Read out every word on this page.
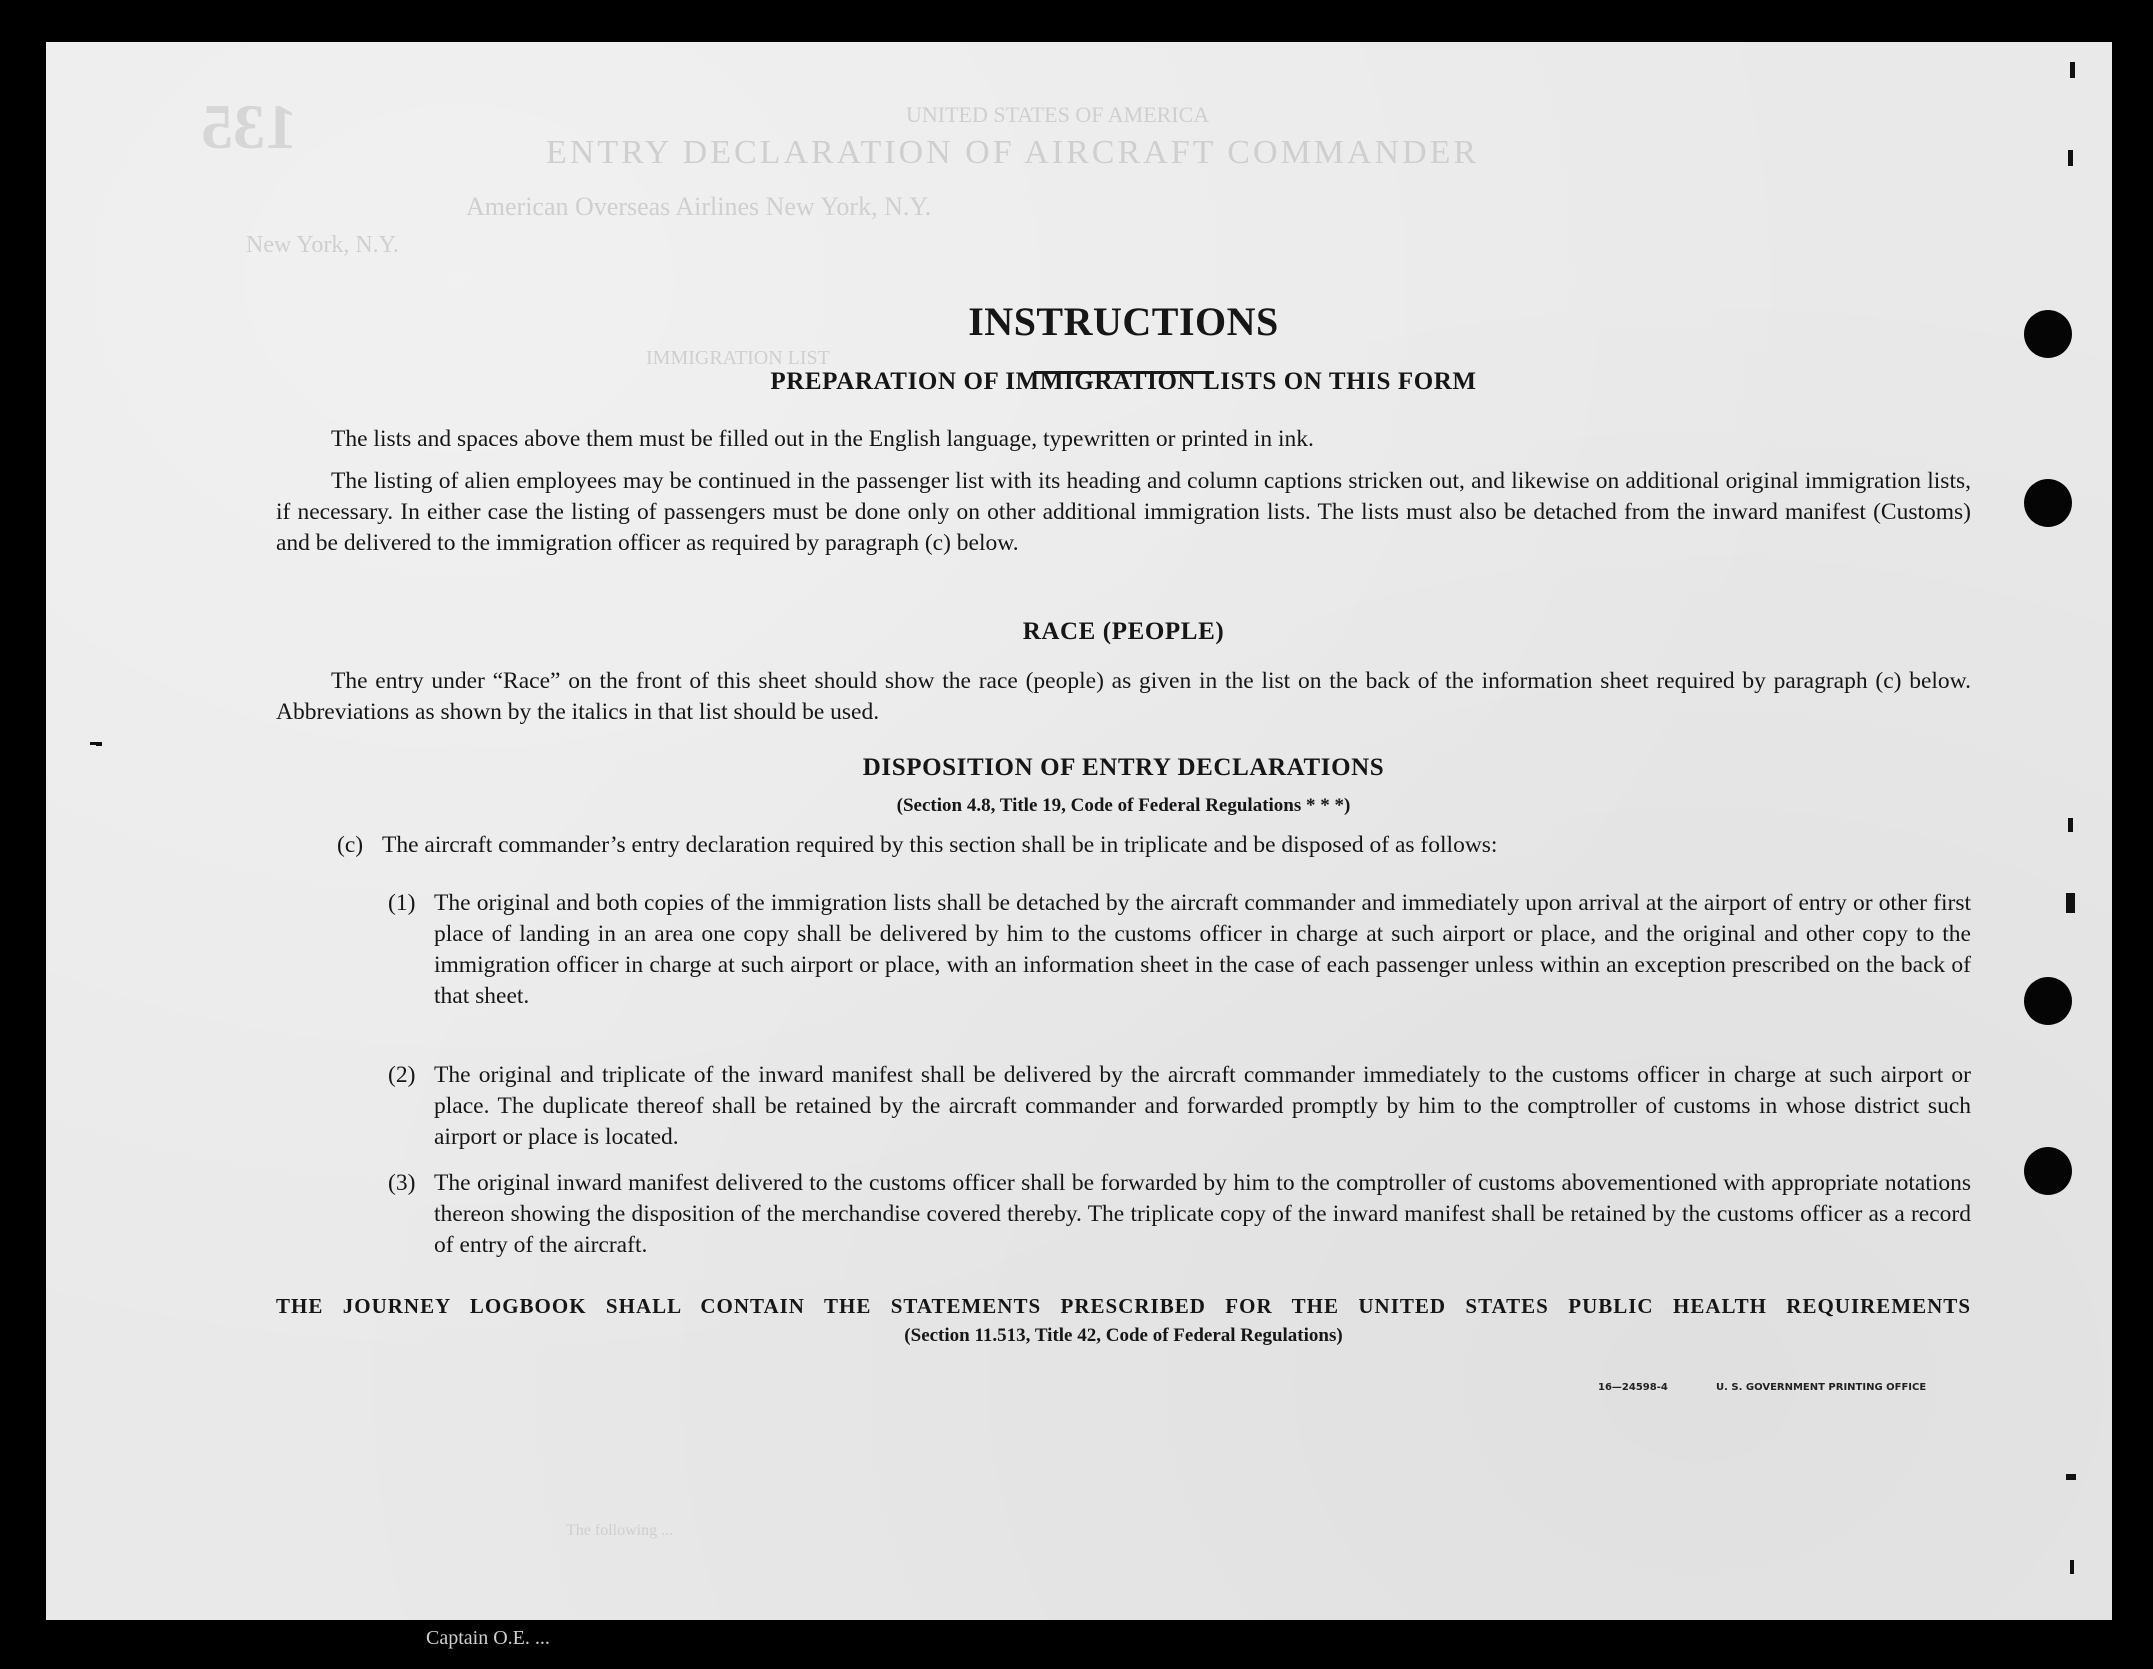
135	UNITED STATES OF AMERICA
ENTRY DECLARATION OF AIRCRAFT COMMANDER
American Overseas Airlines New York, N.Y.
New York, N.Y.
IMMIGRATION LIST
The following ...
Captain O.E. ...
INSTRUCTIONS
PREPARATION OF IMMIGRATION LISTS ON THIS FORM
The lists and spaces above them must be filled out in the English language, typewritten or printed in ink.
The listing of alien employees may be continued in the passenger list with its heading and column captions stricken out, and likewise on additional original immigration lists, if necessary. In either case the listing of passengers must be done only on other additional immigration lists. The lists must also be detached from the inward manifest (Customs) and be delivered to the immigration officer as required by paragraph (c) below.
RACE (PEOPLE)
The entry under “Race” on the front of this sheet should show the race (people) as given in the list on the back of the information sheet required by paragraph (c) below. Abbreviations as shown by the italics in that list should be used.
DISPOSITION OF ENTRY DECLARATIONS
(Section 4.8, Title 19, Code of Federal Regulations * * *)
(c) The aircraft commander’s entry declaration required by this section shall be in triplicate and be disposed of as follows:
(1) The original and both copies of the immigration lists shall be detached by the aircraft commander and immediately upon arrival at the airport of entry or other first place of landing in an area one copy shall be delivered by him to the customs officer in charge at such airport or place, and the original and other copy to the immigration officer in charge at such airport or place, with an information sheet in the case of each passenger unless within an exception prescribed on the back of that sheet.
(2) The original and triplicate of the inward manifest shall be delivered by the aircraft commander immediately to the customs officer in charge at such airport or place. The duplicate thereof shall be retained by the aircraft commander and forwarded promptly by him to the comptroller of customs in whose district such airport or place is located.
(3) The original inward manifest delivered to the customs officer shall be forwarded by him to the comptroller of customs abovementioned with appropriate notations thereon showing the disposition of the merchandise covered thereby. The triplicate copy of the inward manifest shall be retained by the customs officer as a record of entry of the aircraft.
THE JOURNEY LOGBOOK SHALL CONTAIN THE STATEMENTS PRESCRIBED FOR THE UNITED STATES PUBLIC HEALTH REQUIREMENTS
(Section 11.513, Title 42, Code of Federal Regulations)
16—24598-4	U. S. GOVERNMENT PRINTING OFFICE
